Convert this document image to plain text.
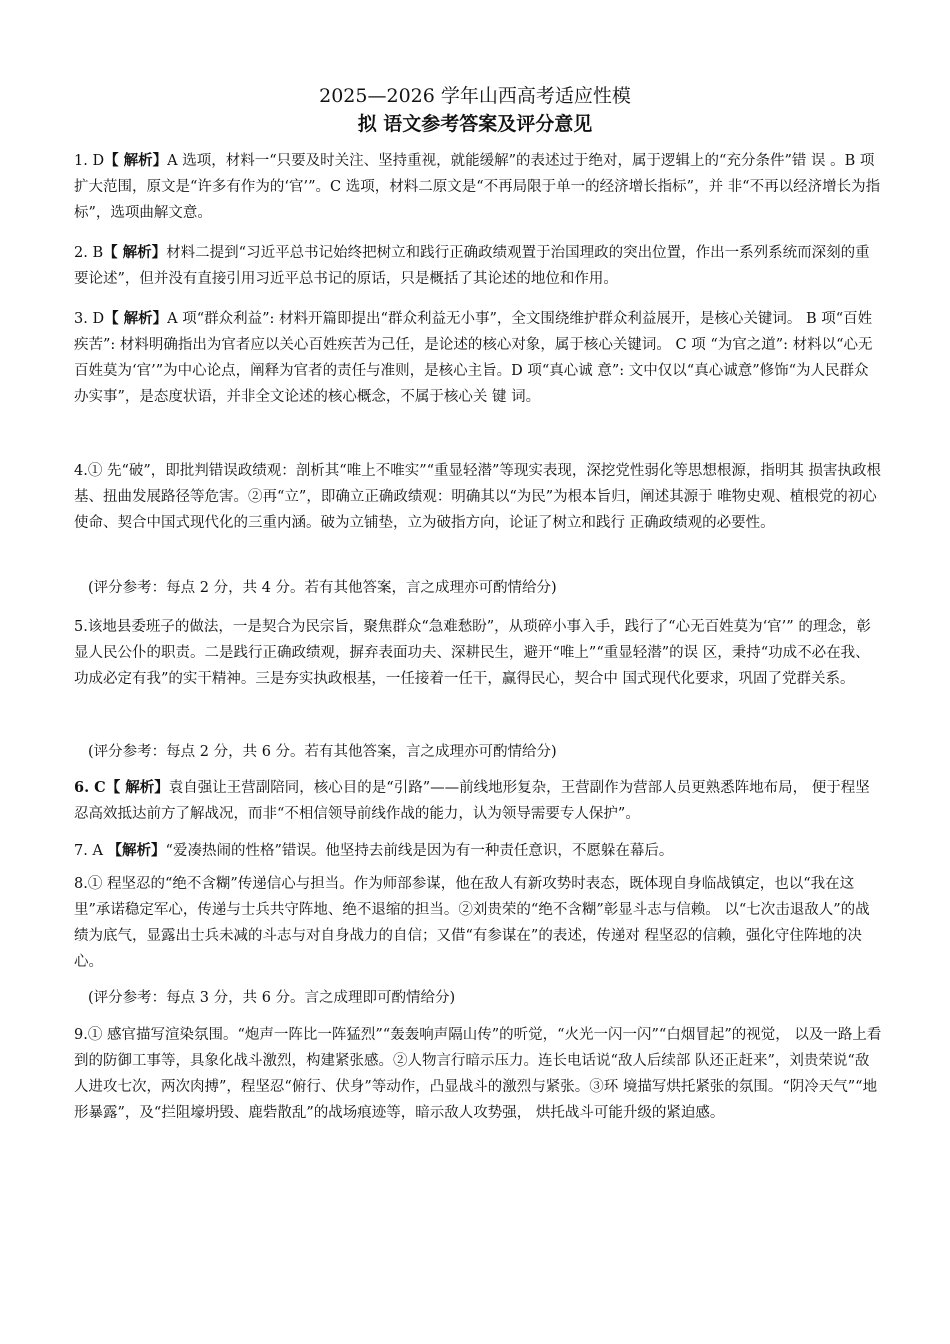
2025—2026 学年山西高考适应性模
拟 语文参考答案及评分意见
1. D【 解析】A 选项，材料一“只要及时关注、坚持重视，就能缓解”的表述过于绝对，属于逻辑上的“充分条件”错 误 。B 项扩大范围，原文是“许多有作为的‘官’”。C 选项，材料二原文是“不再局限于单一的经济增长指标”，并 非“不再以经济增长为指标”，选项曲解文意。
2. B【 解析】材料二提到“习近平总书记始终把树立和践行正确政绩观置于治国理政的突出位置，作出一系列系统而深刻的重要论述”，但并没有直接引用习近平总书记的原话，只是概括了其论述的地位和作用。
3. D【 解析】A 项“群众利益”: 材料开篇即提出“群众利益无小事”，全文围绕维护群众利益展开，是核心关键词。 B 项“百姓疾苦”: 材料明确指出为官者应以关心百姓疾苦为己任，是论述的核心对象，属于核心关键词。 C 项 “为官之道”: 材料以“心无百姓莫为‘官’”为中心论点，阐释为官者的责任与准则，是核心主旨。D 项“真心诚 意”: 文中仅以“真心诚意”修饰“为人民群众办实事”，是态度状语，并非全文论述的核心概念，不属于核心关 键 词。
4.① 先“破”，即批判错误政绩观：剖析其“唯上不唯实”“重显轻潜”等现实表现，深挖党性弱化等思想根源，指明其 损害执政根基、扭曲发展路径等危害。②再“立”，即确立正确政绩观：明确其以“为民”为根本旨归，阐述其源于 唯物史观、植根党的初心使命、契合中国式现代化的三重内涵。破为立铺垫，立为破指方向，论证了树立和践行 正确政绩观的必要性。
(评分参考：每点 2 分，共 4 分。若有其他答案，言之成理亦可酌情给分)
5.该地县委班子的做法，一是契合为民宗旨，聚焦群众“急难愁盼”，从琐碎小事入手，践行了“心无百姓莫为‘官’” 的理念，彰显人民公仆的职责。二是践行正确政绩观，摒弃表面功夫、深耕民生，避开“唯上”“重显轻潜”的误 区，秉持“功成不必在我、功成必定有我”的实干精神。三是夯实执政根基，一任接着一任干，赢得民心，契合中 国式现代化要求，巩固了党群关系。
(评分参考：每点 2 分，共 6 分。若有其他答案，言之成理亦可酌情给分)
6. C【 解析】袁自强让王营副陪同，核心目的是“引路”——前线地形复杂，王营副作为营部人员更熟悉阵地布局， 便于程坚忍高效抵达前方了解战况，而非“不相信领导前线作战的能力，认为领导需要专人保护”。
7. A 【解析】“爱凑热闹的性格”错误。他坚持去前线是因为有一种责任意识，不愿躲在幕后。
8.① 程坚忍的“绝不含糊”传递信心与担当。作为师部参谋，他在敌人有新攻势时表态，既体现自身临战镇定，也以“我在这里”承诺稳定军心，传递与士兵共守阵地、绝不退缩的担当。②刘贵荣的“绝不含糊”彰显斗志与信赖。 以“七次击退敌人”的战绩为底气，显露出士兵未减的斗志与对自身战力的自信；又借“有参谋在”的表述，传递对 程坚忍的信赖，强化守住阵地的决心。
(评分参考：每点 3 分，共 6 分。言之成理即可酌情给分)
9.① 感官描写渲染氛围。“炮声一阵比一阵猛烈”“轰轰响声隔山传”的听觉，“火光一闪一闪”“白烟冒起”的视觉， 以及一路上看到的防御工事等，具象化战斗激烈，构建紧张感。②人物言行暗示压力。连长电话说“敌人后续部 队还正赶来”，刘贵荣说“敌人进攻七次，两次肉搏”，程坚忍“俯行、伏身”等动作，凸显战斗的激烈与紧张。③环 境描写烘托紧张的氛围。“阴冷天气”“地形暴露”，及“拦阻壕坍毁、鹿砦散乱”的战场痕迹等，暗示敌人攻势强， 烘托战斗可能升级的紧迫感。
